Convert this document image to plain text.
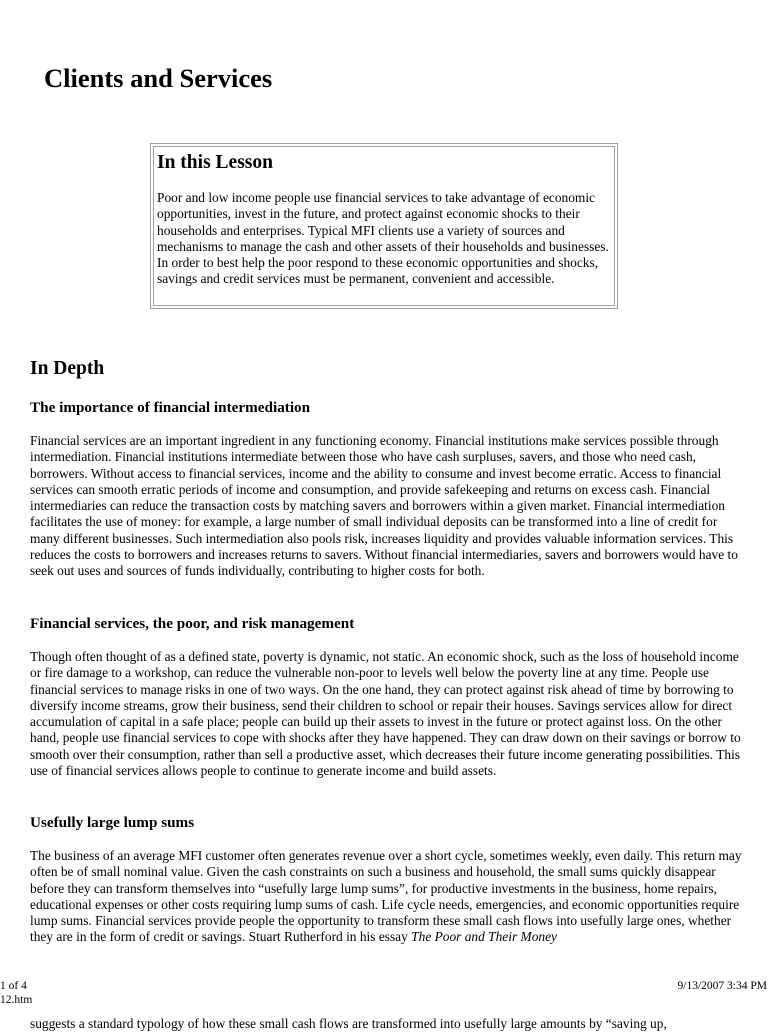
Clients and Services
In this Lesson

Poor and low income people use financial services to take advantage of economic opportunities, invest in the future, and protect against economic shocks to their households and enterprises. Typical MFI clients use a variety of sources and mechanisms to manage the cash and other assets of their households and businesses. In order to best help the poor respond to these economic opportunities and shocks, savings and credit services must be permanent, convenient and accessible.

In Depth
The importance of financial intermediation

Financial services are an important ingredient in any functioning economy. Financial institutions make services possible through intermediation. Financial institutions intermediate between those who have cash surpluses, savers, and those who need cash, borrowers. Without access to financial services, income and the ability to consume and invest become erratic. Access to financial services can smooth erratic periods of income and consumption, and provide safekeeping and returns on excess cash. Financial intermediaries can reduce the transaction costs by matching savers and borrowers within a given market. Financial intermediation facilitates the use of money: for example, a large number of small individual deposits can be transformed into a line of credit for many different businesses. Such intermediation also pools risk, increases liquidity and provides valuable information services. This reduces the costs to borrowers and increases returns to savers. Without financial intermediaries, savers and borrowers would have to seek out uses and sources of funds individually, contributing to higher costs for both.

Financial services, the poor, and risk management

Though often thought of as a defined state, poverty is dynamic, not static. An economic shock, such as the loss of household income or fire damage to a workshop, can reduce the vulnerable non-poor to levels well below the poverty line at any time. People use financial services to manage risks in one of two ways. On the one hand, they can protect against risk ahead of time by borrowing to diversify income streams, grow their business, send their children to school or repair their houses. Savings services allow for direct accumulation of capital in a safe place; people can build up their assets to invest in the future or protect against loss. On the other hand, people use financial services to cope with shocks after they have happened. They can draw down on their savings or borrow to smooth over their consumption, rather than sell a productive asset, which decreases their future income generating possibilities. This use of financial services allows people to continue to generate income and build assets.

Usefully large lump sums

The business of an average MFI customer often generates revenue over a short cycle, sometimes weekly, even daily. This return may often be of small nominal value. Given the cash constraints on such a business and household, the small sums quickly disappear before they can transform themselves into “usefully large lump sums”, for productive investments in the business, home repairs, educational expenses or other costs requiring lump sums of cash. Life cycle needs, emergencies, and economic opportunities require lump sums. Financial services provide people the opportunity to transform these small cash flows into usefully large ones, whether they are in the form of credit or savings. Stuart Rutherford in his essay The Poor and Their Money

1 of 4
12.htm
9/13/2007 3:34 PM

suggests a standard typology of how these small cash flows are transformed into usefully large amounts by “saving up,
